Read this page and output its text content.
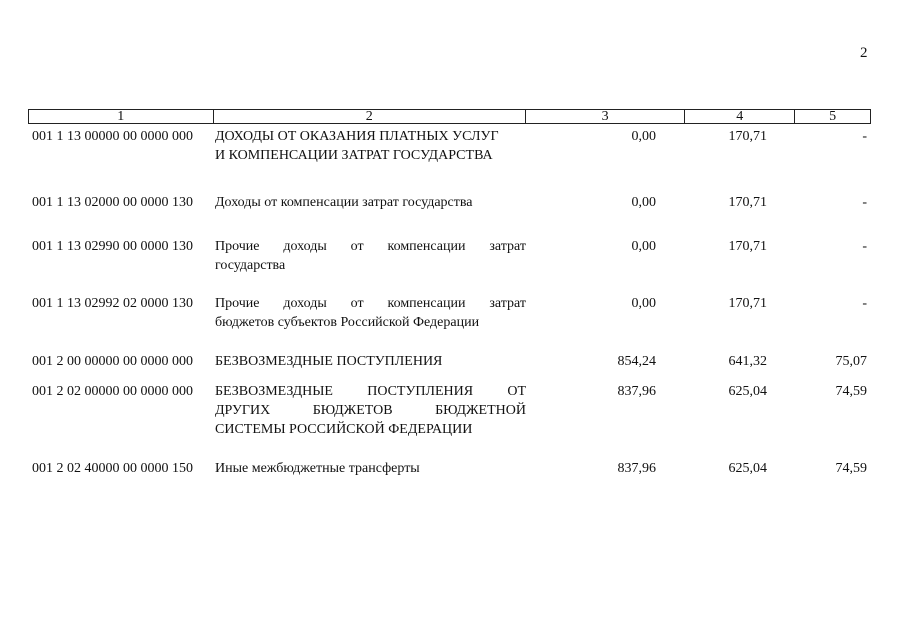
2
1	2	3	4	5
001 1 13 00000 00 0000 000 ДОХОДЫ ОТ ОКАЗАНИЯ ПЛАТНЫХ УСЛУГ
И КОМПЕНСАЦИИ ЗАТРАТ ГОСУДАРСТВА
0,00	170,71	-
001 1 13 02000 00 0000 130 Доходы от компенсации затрат государства	0,00	170,71	-
001 1 13 02990 00 0000 130 Прочие доходы от компенсации затрат
государства
0,00	170,71	-
001 1 13 02992 02 0000 130 Прочие доходы от компенсации затрат
бюджетов субъектов Российской Федерации
0,00	170,71	-
001 2 00 00000 00 0000 000 БЕЗВОЗМЕЗДНЫЕ ПОСТУПЛЕНИЯ	854,24	641,32	75,07
001 2 02 00000 00 0000 000 БЕЗВОЗМЕЗДНЫЕ ПОСТУПЛЕНИЯ ОТ
ДРУГИХ БЮДЖЕТОВ БЮДЖЕТНОЙ
СИСТЕМЫ РОССИЙСКОЙ ФЕДЕРАЦИИ
837,96	625,04	74,59
001 2 02 40000 00 0000 150 Иные межбюджетные трансферты	837,96	625,04	74,59
